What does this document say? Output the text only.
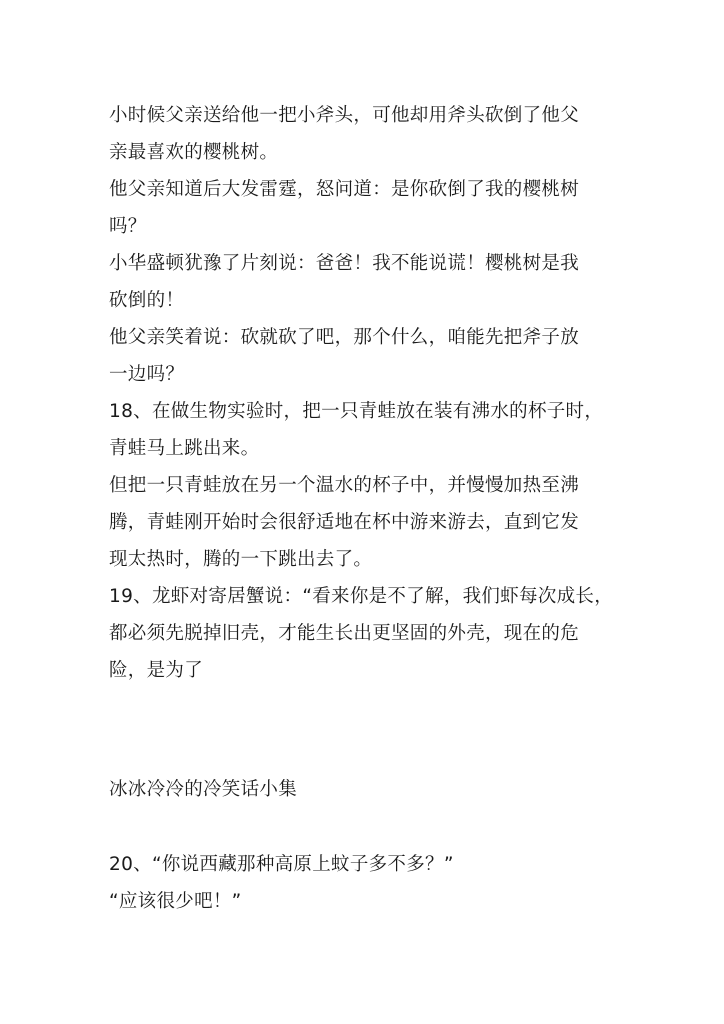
小时候父亲送给他一把小斧头，可他却用斧头砍倒了他父
亲最喜欢的樱桃树。
他父亲知道后大发雷霆，怒问道：是你砍倒了我的樱桃树
吗？
小华盛顿犹豫了片刻说：爸爸！我不能说谎！樱桃树是我
砍倒的！
他父亲笑着说：砍就砍了吧，那个什么，咱能先把斧子放
一边吗？
18、在做生物实验时，把一只青蛙放在装有沸水的杯子时，
青蛙马上跳出来。
但把一只青蛙放在另一个温水的杯子中，并慢慢加热至沸
腾，青蛙刚开始时会很舒适地在杯中游来游去，直到它发
现太热时，腾的一下跳出去了。
19、龙虾对寄居蟹说：“看来你是不了解，我们虾每次成长，
都必须先脱掉旧壳，才能生长出更坚固的外壳，现在的危
险，是为了
冰冰冷冷的冷笑话小集
20、“你说西藏那种高原上蚊子多不多？”
“应该很少吧！”
